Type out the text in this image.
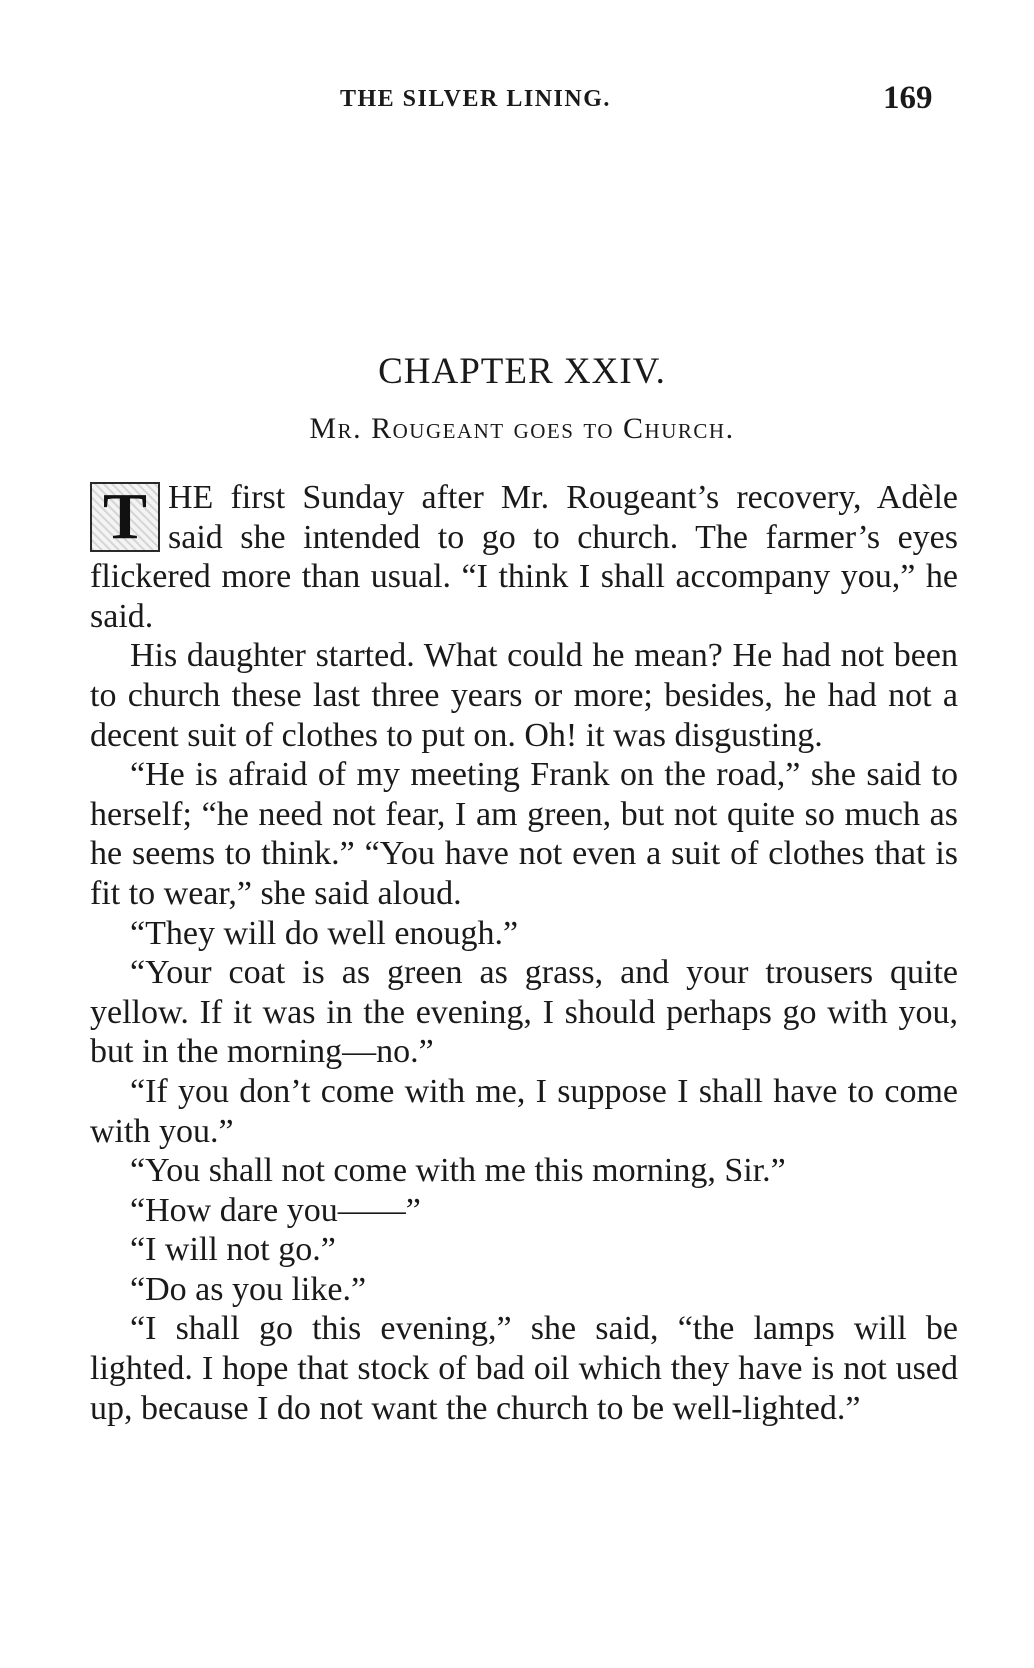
THE SILVER LINING.	169
CHAPTER XXIV.
Mr. Rougeant goes to Church.

T HE first Sunday after Mr. Rougeant’s recovery, Adèle said she intended to go to church. The farmer’s eyes flickered more than usual. “I think I shall accompany you,” he said.

His daughter started. What could he mean? He had not been to church these last three years or more; besides, he had not a decent suit of clothes to put on. Oh! it was disgusting.

“He is afraid of my meeting Frank on the road,” she said to herself; “he need not fear, I am green, but not quite so much as he seems to think.” “You have not even a suit of clothes that is fit to wear,” she said aloud.

“They will do well enough.”

“Your coat is as green as grass, and your trousers quite yellow. If it was in the evening, I should perhaps go with you, but in the morning—no.”

“If you don’t come with me, I suppose I shall have to come with you.”

“You shall not come with me this morning, Sir.”

“How dare you——”

“I will not go.”

“Do as you like.”

“I shall go this evening,” she said, “the lamps will be lighted. I hope that stock of bad oil which they have is not used up, because I do not want the church to be well-lighted.”
